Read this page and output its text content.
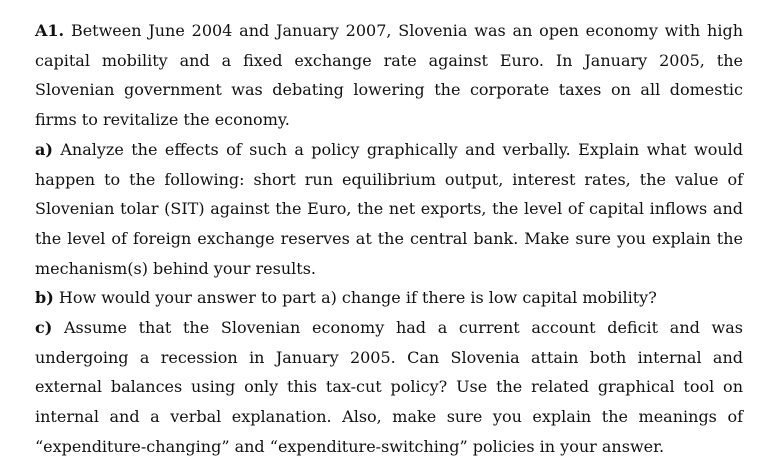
A1. Between June 2004 and January 2007, Slovenia was an open economy with high capital mobility and a fixed exchange rate against Euro. In January 2005, the Slovenian government was debating lowering the corporate taxes on all domestic firms to revitalize the economy.

a) Analyze the effects of such a policy graphically and verbally. Explain what would happen to the following: short run equilibrium output, interest rates, the value of Slovenian tolar (SIT) against the Euro, the net exports, the level of capital inflows and the level of foreign exchange reserves at the central bank. Make sure you explain the mechanism(s) behind your results.

b) How would your answer to part a) change if there is low capital mobility?

c) Assume that the Slovenian economy had a current account deficit and was undergoing a recession in January 2005. Can Slovenia attain both internal and external balances using only this tax-cut policy? Use the related graphical tool on internal and a verbal explanation. Also, make sure you explain the meanings of “expenditure-changing” and “expenditure-switching” policies in your answer.
